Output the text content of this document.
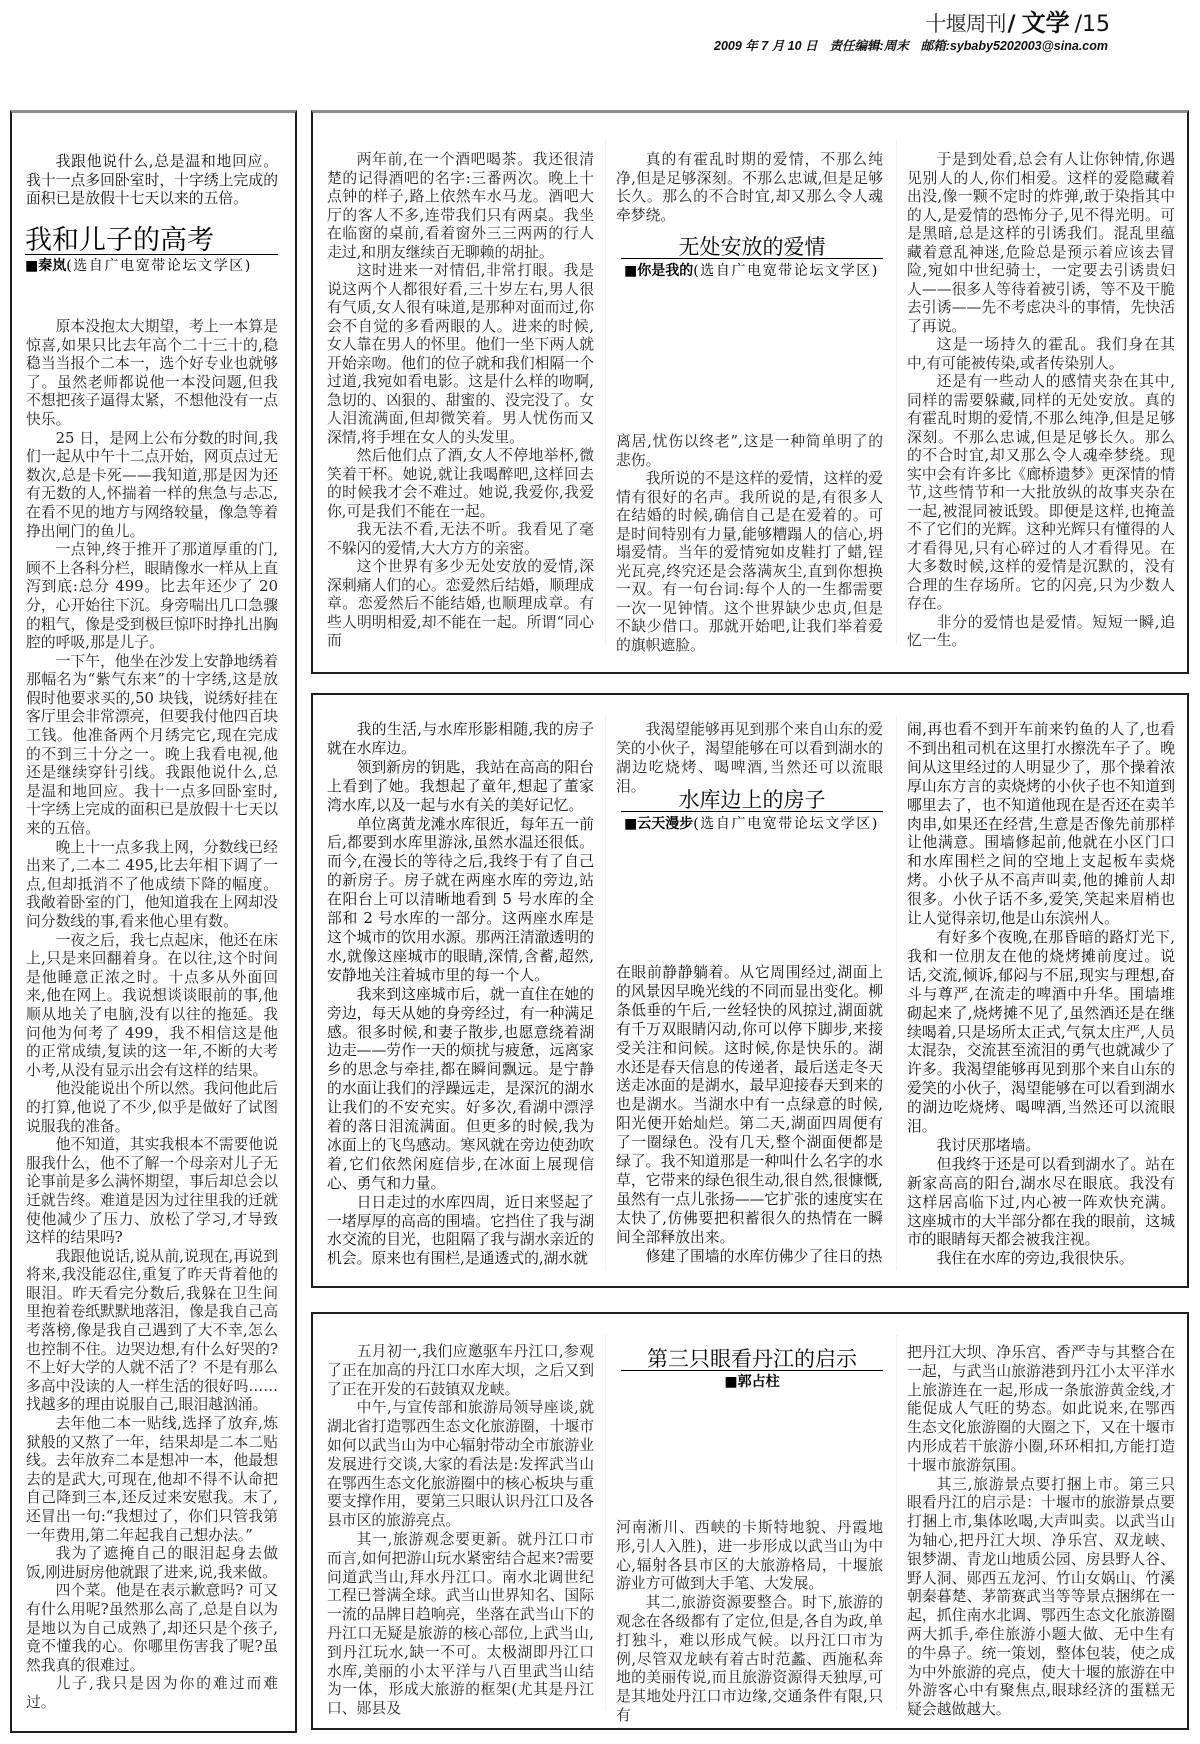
十堰周刊/ 文学 /15
2009 年 7 月 10 日 责任编辑:周末 邮箱:sybaby5202003@sina.com

我跟他说什么,总是温和地回应。我十一点多回卧室时，十字绣上完成的面积已是放假十七天以来的五倍。

我和儿子的高考
■秦岚(选自广电宽带论坛文学区)

原本没抱太大期望，考上一本算是惊喜,如果只比去年高个二十三十的,稳稳当当报个二本一，选个好专业也就够了。虽然老师都说他一本没问题,但我不想把孩子逼得太紧，不想他没有一点快乐。

25 日，是网上公布分数的时间,我们一起从中午十二点开始，网页点过无数次,总是卡死——我知道,那是因为还有无数的人,怀揣着一样的焦急与忐忑,在看不见的地方与网络较量，像急等着挣出闸门的鱼儿。

一点钟,终于推开了那道厚重的门,顾不上各科分栏，眼睛像水一样从上直泻到底:总分 499。比去年还少了 20 分，心开始往下沉。身旁喘出几口急骤的粗气，像是受到极巨惊吓时挣扎出胸腔的呼吸,那是儿子。

一下午，他坐在沙发上安静地绣着那幅名为“紫气东来”的十字绣,这是放假时他要求买的,50 块钱，说绣好挂在客厅里会非常漂亮，但要我付他四百块工钱。他准备两个月绣完它,现在完成的不到三十分之一。晚上我看电视,他还是继续穿针引线。我跟他说什么,总是温和地回应。我十一点多回卧室时,十字绣上完成的面积已是放假十七天以来的五倍。

晚上十一点多我上网，分数线已经出来了,二本二 495,比去年相下调了一点,但却抵消不了他成绩下降的幅度。我敞着卧室的门，他知道我在上网却没问分数线的事,看来他心里有数。

一夜之后，我七点起床，他还在床上,只是来回翻着身。在以往,这个时间是他睡意正浓之时。十点多从外面回来,他在网上。我说想谈谈眼前的事,他顺从地关了电脑,没有以往的拖延。我问他为何考了 499，我不相信这是他的正常成绩,复读的这一年,不断的大考小考,从没有显示出会有这样的结果。

他没能说出个所以然。我问他此后的打算,他说了不少,似乎是做好了试图说服我的准备。

他不知道，其实我根本不需要他说服我什么，他不了解一个母亲对儿子无论事前是多么满怀期望，事后却总会以迁就告终。难道是因为过往里我的迁就使他减少了压力、放松了学习,才导致这样的结果吗?

我跟他说话,说从前,说现在,再说到将来,我没能忍住,重复了昨天背着他的眼泪。昨天看完分数后,我躲在卫生间里抱着卷纸默默地落泪，像是我自己高考落榜,像是我自己遇到了大不幸,怎么也控制不住。边哭边想,有什么好哭的?不上好大学的人就不活了？不是有那么多高中没读的人一样生活的很好吗……找越多的理由说服自己,眼泪越汹涌。

去年他二本一贴线,选择了放弃,炼狱般的又熬了一年，结果却是二本二贴线。去年放弃二本是想冲一本，他最想去的是武大,可现在,他却不得不认命把自己降到三本,还反过来安慰我。末了,还冒出一句:“我想过了，你们只管我第一年费用,第二年起我自己想办法。”

我为了遮掩自己的眼泪起身去做饭,刚进厨房他就跟了进来,说,我来做。

四个菜。他是在表示歉意吗? 可又有什么用呢?虽然那么高了,总是自以为是地以为自己成熟了,却还只是个孩子,竟不懂我的心。你哪里伤害我了呢?虽然我真的很难过。

儿子,我只是因为你的难过而难过。

两年前,在一个酒吧喝茶。我还很清楚的记得酒吧的名字:三番两次。晚上十点钟的样子,路上依然车水马龙。酒吧大厅的客人不多,连带我们只有两桌。我坐在临窗的桌前,看着窗外三三两两的行人走过,和朋友继续百无聊赖的胡扯。

这时进来一对情侣,非常打眼。我是说这两个人都很好看,三十岁左右,男人很有气质,女人很有味道,是那种对面而过,你会不自觉的多看两眼的人。进来的时候,女人靠在男人的怀里。他们一坐下两人就开始亲吻。他们的位子就和我们相隔一个过道,我宛如看电影。这是什么样的吻啊,急切的、凶狠的、甜蜜的、没完没了。女人泪流满面,但却微笑着。男人忧伤而又深情,将手埋在女人的头发里。

然后他们点了酒,女人不停地举杯,微笑着干杯。她说,就让我喝醉吧,这样回去的时候我才会不难过。她说,我爱你,我爱你,可是我们不能在一起。

我无法不看,无法不听。我看见了毫不躲闪的爱情,大大方方的亲密。

这个世界有多少无处安放的爱情,深深刺痛人们的心。恋爱然后结婚，顺理成章。恋爱然后不能结婚,也顺理成章。有些人明明相爱,却不能在一起。所谓“同心而

真的有霍乱时期的爱情，不那么纯净,但是足够深刻。不那么忠诚,但是足够长久。那么的不合时宜,却又那么令人魂牵梦绕。

无处安放的爱情
■你是我的(选自广电宽带论坛文学区)

离居,忧伤以终老”,这是一种简单明了的悲伤。

我所说的不是这样的爱情，这样的爱情有很好的名声。我所说的是,有很多人在结婚的时候,确信自己是在爱着的。可是时间特别有力量,能够糟蹋人的信心,坍塌爱情。当年的爱情宛如皮鞋打了蜡,锃光瓦亮,终究还是会落满灰尘,直到你想换一双。有一句台词:每个人的一生都需要一次一见钟情。这个世界缺少忠贞,但是不缺少借口。那就开始吧,让我们举着爱的旗帜遮脸。

于是到处看,总会有人让你钟情,你遇见别人的人,你们相爱。这样的爱隐藏着出没,像一颗不定时的炸弹,敢于染指其中的人,是爱情的恐怖分子,见不得光明。可是黑暗,总是这样的引诱我们。混乱里蕴藏着意乱神迷,危险总是预示着应该去冒险,宛如中世纪骑士，一定要去引诱贵妇人——很多人等待着被引诱，等不及干脆去引诱——先不考虑决斗的事情，先快活了再说。

这是一场持久的霍乱。我们身在其中,有可能被传染,或者传染别人。

还是有一些动人的感情夹杂在其中,同样的需要躲藏,同样的无处安放。真的有霍乱时期的爱情,不那么纯净,但是足够深刻。不那么忠诚,但是足够长久。那么的不合时宜,却又那么令人魂牵梦绕。现实中会有许多比《廊桥遗梦》更深情的情节,这些情节和一大批放纵的故事夹杂在一起,被混同被诋毁。即便是这样,也掩盖不了它们的光辉。这种光辉只有懂得的人才看得见,只有心碎过的人才看得见。在大多数时候,这样的爱情是沉默的，没有合理的生存场所。它的闪亮,只为少数人存在。

非分的爱情也是爱情。短短一瞬,追忆一生。

我的生活,与水库形影相随,我的房子就在水库边。

领到新房的钥匙，我站在高高的阳台上看到了她。我想起了童年,想起了董家湾水库,以及一起与水有关的美好记忆。

单位离黄龙滩水库很近，每年五一前后,都要到水库里游泳,虽然水温还很低。而今,在漫长的等待之后,我终于有了自己的新房子。房子就在两座水库的旁边,站在阳台上可以清晰地看到 5 号水库的全部和 2 号水库的一部分。这两座水库是这个城市的饮用水源。那两汪清澈透明的水,就像这座城市的眼睛,深情,含蓄,超然,安静地关注着城市里的每一个人。

我来到这座城市后，就一直住在她的旁边，每天从她的身旁经过，有一种满足感。很多时候,和妻子散步,也愿意绕着湖边走——劳作一天的烦扰与疲惫，远离家乡的思念与牵挂,都在瞬间飘远。是宁静的水面让我们的浮躁远走，是深沉的湖水让我们的不安充实。好多次,看湖中漂浮着的落日泪流满面。但更多的时候,我为冰面上的飞鸟感动。寒风就在旁边使劲吹着,它们依然闲庭信步,在冰面上展现信心、勇气和力量。

日日走过的水库四周，近日来竖起了一堵厚厚的高高的围墙。它挡住了我与湖水交流的目光，也阻隔了我与湖水亲近的机会。原来也有围栏,是通透式的,湖水就

我渴望能够再见到那个来自山东的爱笑的小伙子，渴望能够在可以看到湖水的湖边吃烧烤、喝啤酒,当然还可以流眼泪。

水库边上的房子
■云天漫步(选自广电宽带论坛文学区)

在眼前静静躺着。从它周围经过,湖面上的风景因早晚光线的不同而显出变化。柳条低垂的午后,一丝轻快的风掠过,湖面就有千万双眼睛闪动,你可以停下脚步,来接受关注和问候。这时候,你是快乐的。湖水还是春天信息的传递者，最后送走冬天送走冰面的是湖水，最早迎接春天到来的也是湖水。当湖水中有一点绿意的时候,阳光便开始灿烂。第二天,湖面四周便有了一圈绿色。没有几天,整个湖面便都是绿了。我不知道那是一种叫什么名字的水草，它带来的绿色很生动,很自然,很慷慨,虽然有一点儿张扬——它扩张的速度实在太快了,仿佛要把积蓄很久的热情在一瞬间全部释放出来。

修建了围墙的水库仿佛少了往日的热

闹,再也看不到开车前来钓鱼的人了,也看不到出租司机在这里打水擦洗车子了。晚间从这里经过的人明显少了，那个操着浓厚山东方言的卖烧烤的小伙子也不知道到哪里去了，也不知道他现在是否还在卖羊肉串,如果还在经营,生意是否像先前那样让他满意。围墙修起前,他就在小区门口和水库围栏之间的空地上支起板车卖烧烤。小伙子从不高声叫卖,他的摊前人却很多。小伙子话不多,爱笑,笑起来眉梢也让人觉得亲切,他是山东滨州人。

有好多个夜晚,在那昏暗的路灯光下,我和一位朋友在他的烧烤摊前度过。说话,交流,倾诉,郁闷与不屈,现实与理想,奋斗与尊严,在流走的啤酒中升华。围墙堆砌起来了,烧烤摊不见了,虽然酒还是在继续喝着,只是场所太正式,气氛太庄严,人员太混杂，交流甚至流泪的勇气也就减少了许多。我渴望能够再见到那个来自山东的爱笑的小伙子，渴望能够在可以看到湖水的湖边吃烧烤、喝啤酒,当然还可以流眼泪。

我讨厌那堵墙。

但我终于还是可以看到湖水了。站在新家高高的阳台,湖水尽在眼底。我没有这样居高临下过,内心被一阵欢快充满。这座城市的大半部分都在我的眼前，这城市的眼睛每天都会被我注视。

我住在水库的旁边,我很快乐。

五月初一,我们应邀驱车丹江口,参观了正在加高的丹江口水库大坝，之后又到了正在开发的石鼓镇双龙峡。

中午,与宣传部和旅游局领导座谈,就湖北省打造鄂西生态文化旅游圈，十堰市如何以武当山为中心辐射带动全市旅游业发展进行交谈,大家的看法是:发挥武当山在鄂西生态文化旅游圈中的核心板块与重要支撑作用，要第三只眼认识丹江口及各县市区的旅游亮点。

其一,旅游观念要更新。就丹江口市而言,如何把游山玩水紧密结合起来?需要问道武当山,拜水丹江口。南水北调世纪工程已誉满全球。武当山世界知名、国际一流的品牌日趋响亮，坐落在武当山下的丹江口无疑是旅游的核心部位,上武当山,到丹江玩水,缺一不可。太极湖即丹江口水库,美丽的小太平洋与八百里武当山结为一体，形成大旅游的框架(尤其是丹江口、郧县及

第三只眼看丹江的启示
■郭占柱

河南淅川、西峡的卡斯特地貌、丹霞地形,引人入胜)，进一步形成以武当山为中心,辐射各县市区的大旅游格局，十堰旅游业方可做到大手笔、大发展。

其二,旅游资源要整合。时下,旅游的观念在各级都有了定位,但是,各自为政,单打独斗，难以形成气候。以丹江口市为例,尽管双龙峡有着古时范蠡、西施私奔地的美丽传说,而且旅游资源得天独厚,可是其地处丹江口市边缘,交通条件有限,只有

把丹江大坝、净乐宫、香严寺与其整合在一起，与武当山旅游港到丹江小太平洋水上旅游连在一起,形成一条旅游黄金线,才能促成人气旺的势态。如此说来,在鄂西生态文化旅游圈的大圈之下，又在十堰市内形成若干旅游小圈,环环相扣,方能打造十堰市旅游氛围。

其三,旅游景点要打捆上市。第三只眼看丹江的启示是：十堰市的旅游景点要打捆上市,集体吆喝,大声叫卖。以武当山为轴心,把丹江大坝、净乐宫、双龙峡、银梦湖、青龙山地质公园、房县野人谷、野人洞、郧西五龙河、竹山女娲山、竹溪朝秦暮楚、茅箭赛武当等等景点捆绑在一起，抓住南水北调、鄂西生态文化旅游圈两大抓手,牵住旅游小题大做、无中生有的牛鼻子。统一策划，整体包装，使之成为中外旅游的亮点，使大十堰的旅游在中外游客心中有聚焦点,眼球经济的蛋糕无疑会越做越大。
